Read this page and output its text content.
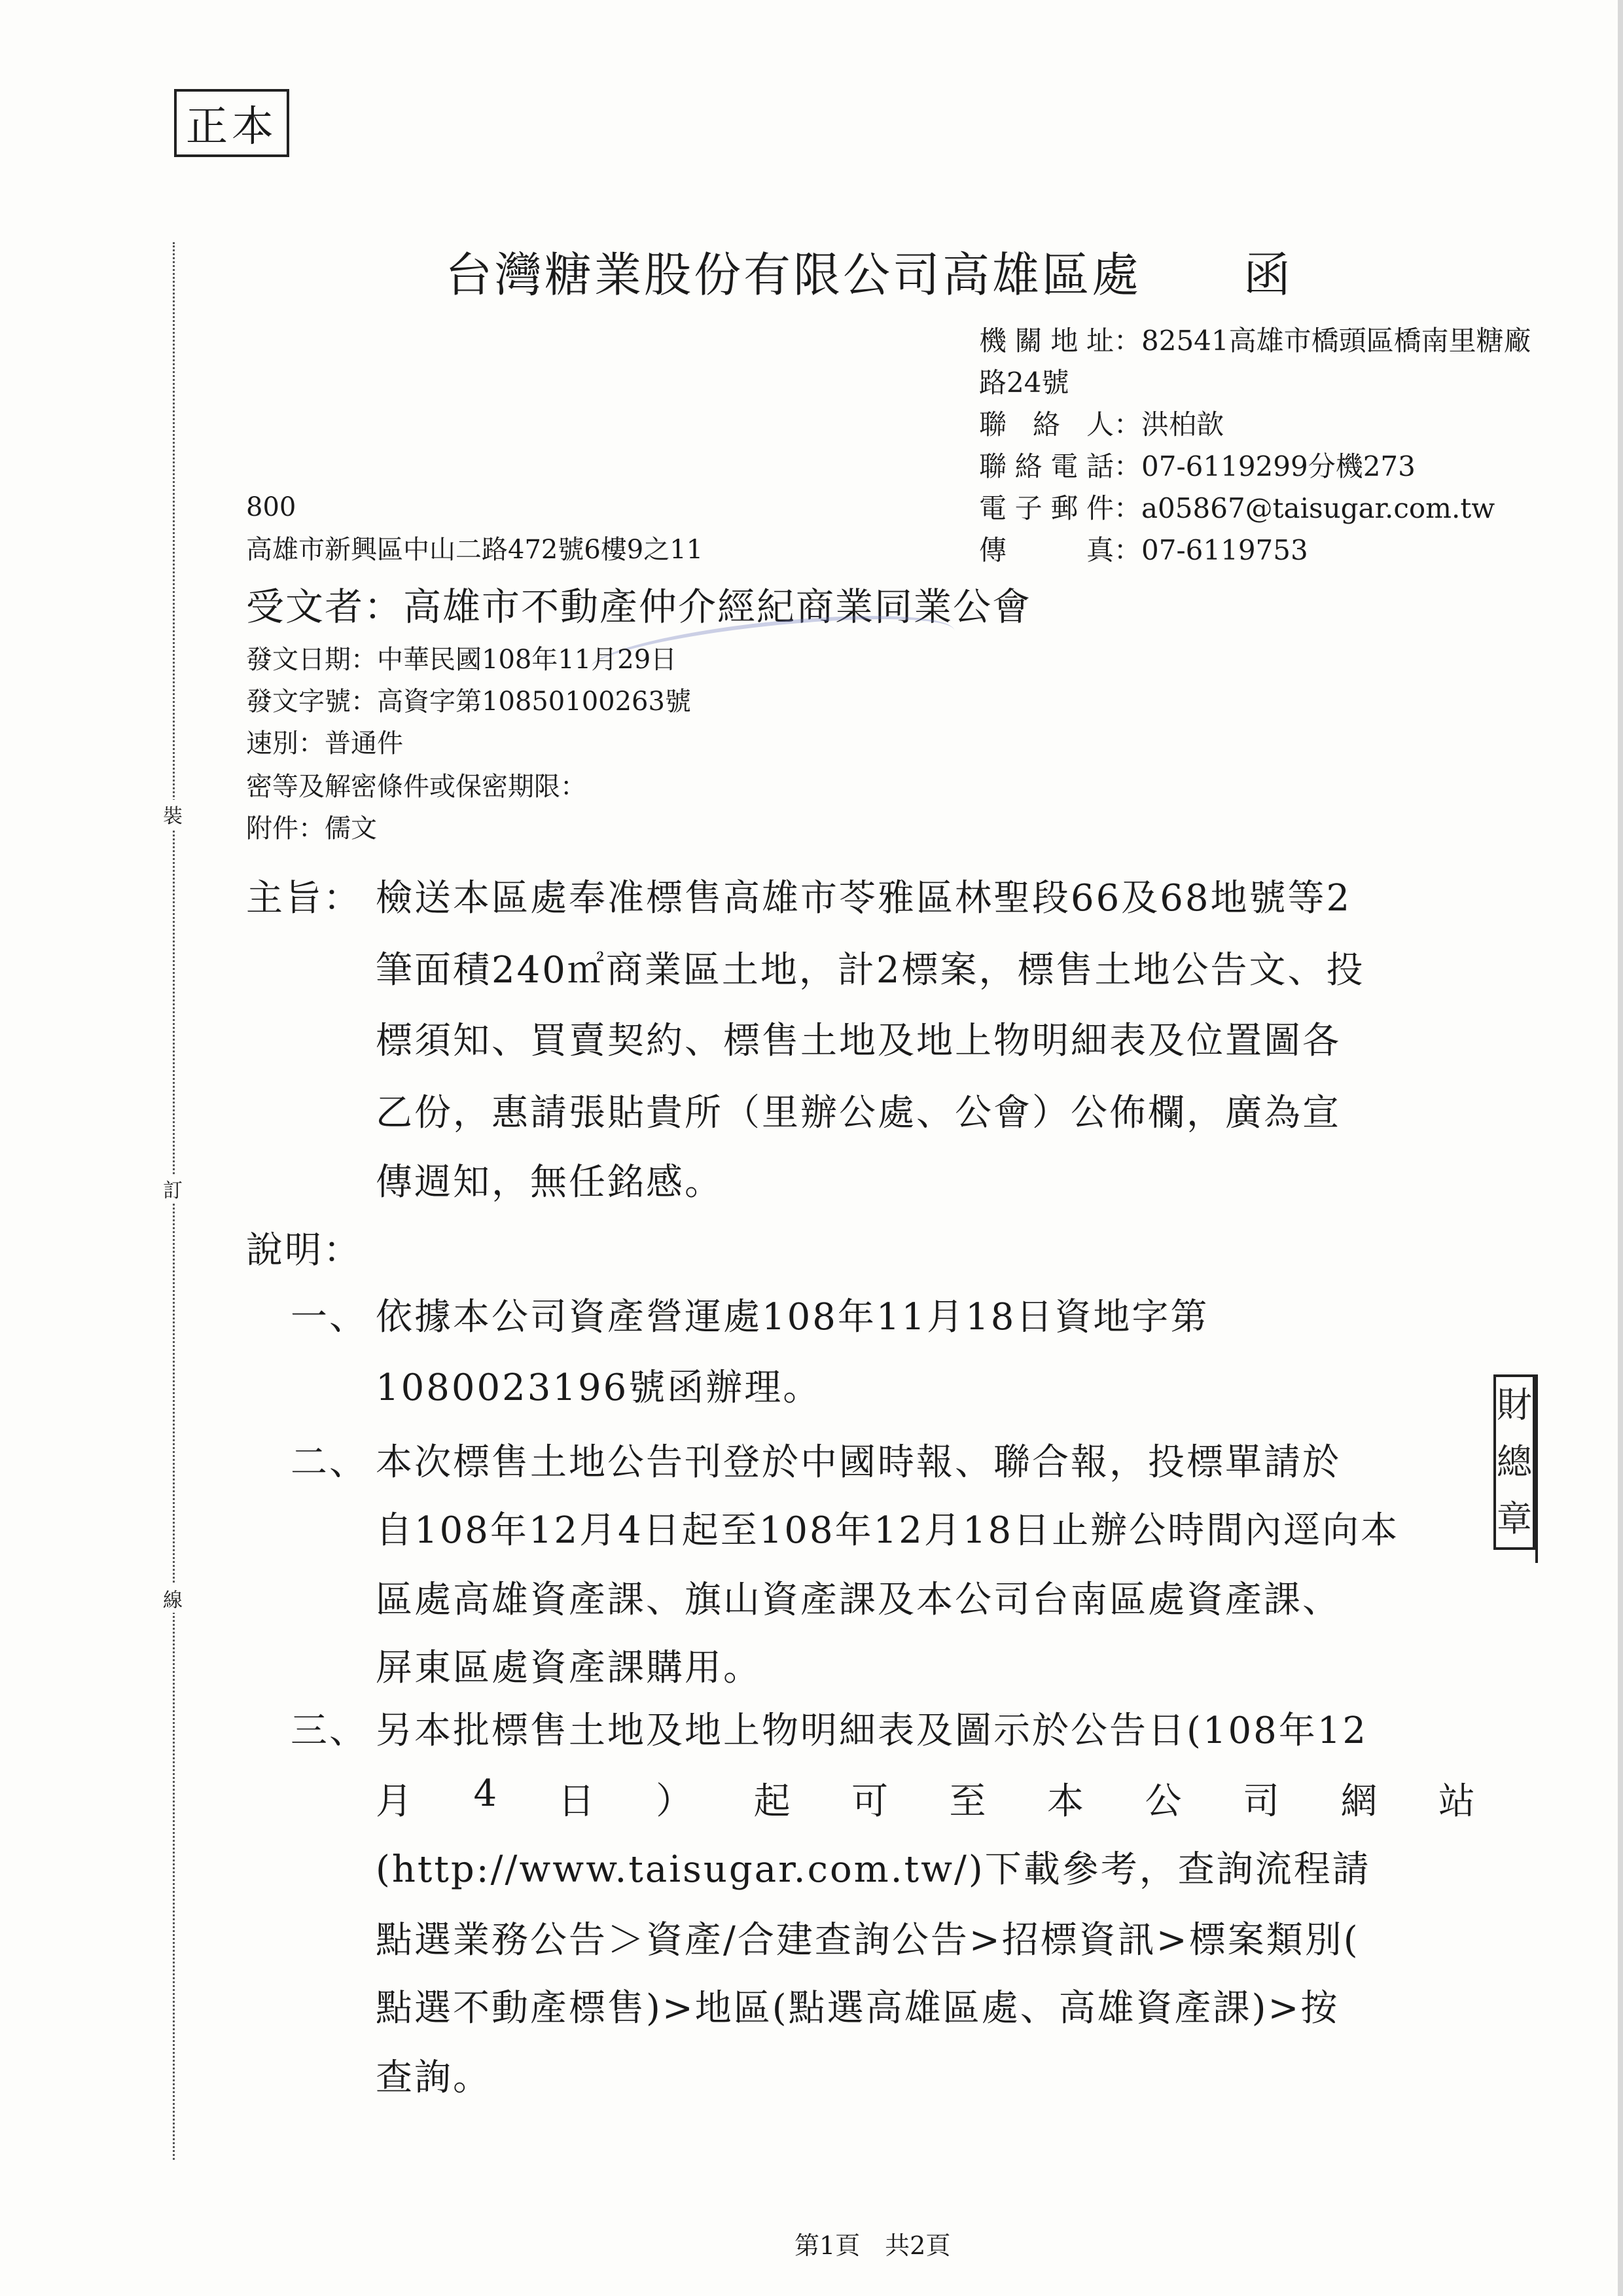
正本
裝
訂
線
台灣糖業股份有限公司高雄區處 函
機關地址：82541高雄市橋頭區橋南里糖廠
路24號
聯 絡 人：洪柏歆
聯絡電話：07-6119299分機273
電子郵件：a05867@taisugar.com.tw
傳　　真：07-6119753
800
高雄市新興區中山二路472號6樓9之11
受文者：高雄市不動產仲介經紀商業同業公會
發文日期：中華民國108年11月29日
發文字號：高資字第10850100263號
速別：普通件
密等及解密條件或保密期限：
附件：儒文
主旨： 檢送本區處奉准標售高雄市苓雅區林聖段66及68地號等2
筆面積240㎡商業區土地，計2標案，標售土地公告文、投
標須知、買賣契約、標售土地及地上物明細表及位置圖各
乙份，惠請張貼貴所（里辦公處、公會）公佈欄，廣為宣
傳週知，無任銘感。
說明：
一、 依據本公司資產營運處108年11月18日資地字第
1080023196號函辦理。
二、 本次標售土地公告刊登於中國時報、聯合報，投標單請於
自108年12月4日起至108年12月18日止辦公時間內逕向本
區處高雄資產課、旗山資產課及本公司台南區處資產課、
屏東區處資產課購用。
三、 另本批標售土地及地上物明細表及圖示於公告日(108年12
月 4 日 ） 起 可 至 本 公 司 網 站
(http://www.taisugar.com.tw/)下載參考，查詢流程請
點選業務公告＞資產/合建查詢公告>招標資訊>標案類別(
點選不動產標售)>地區(點選高雄區處、高雄資產課)>按
查詢。
財
總
章
第1頁　共2頁
